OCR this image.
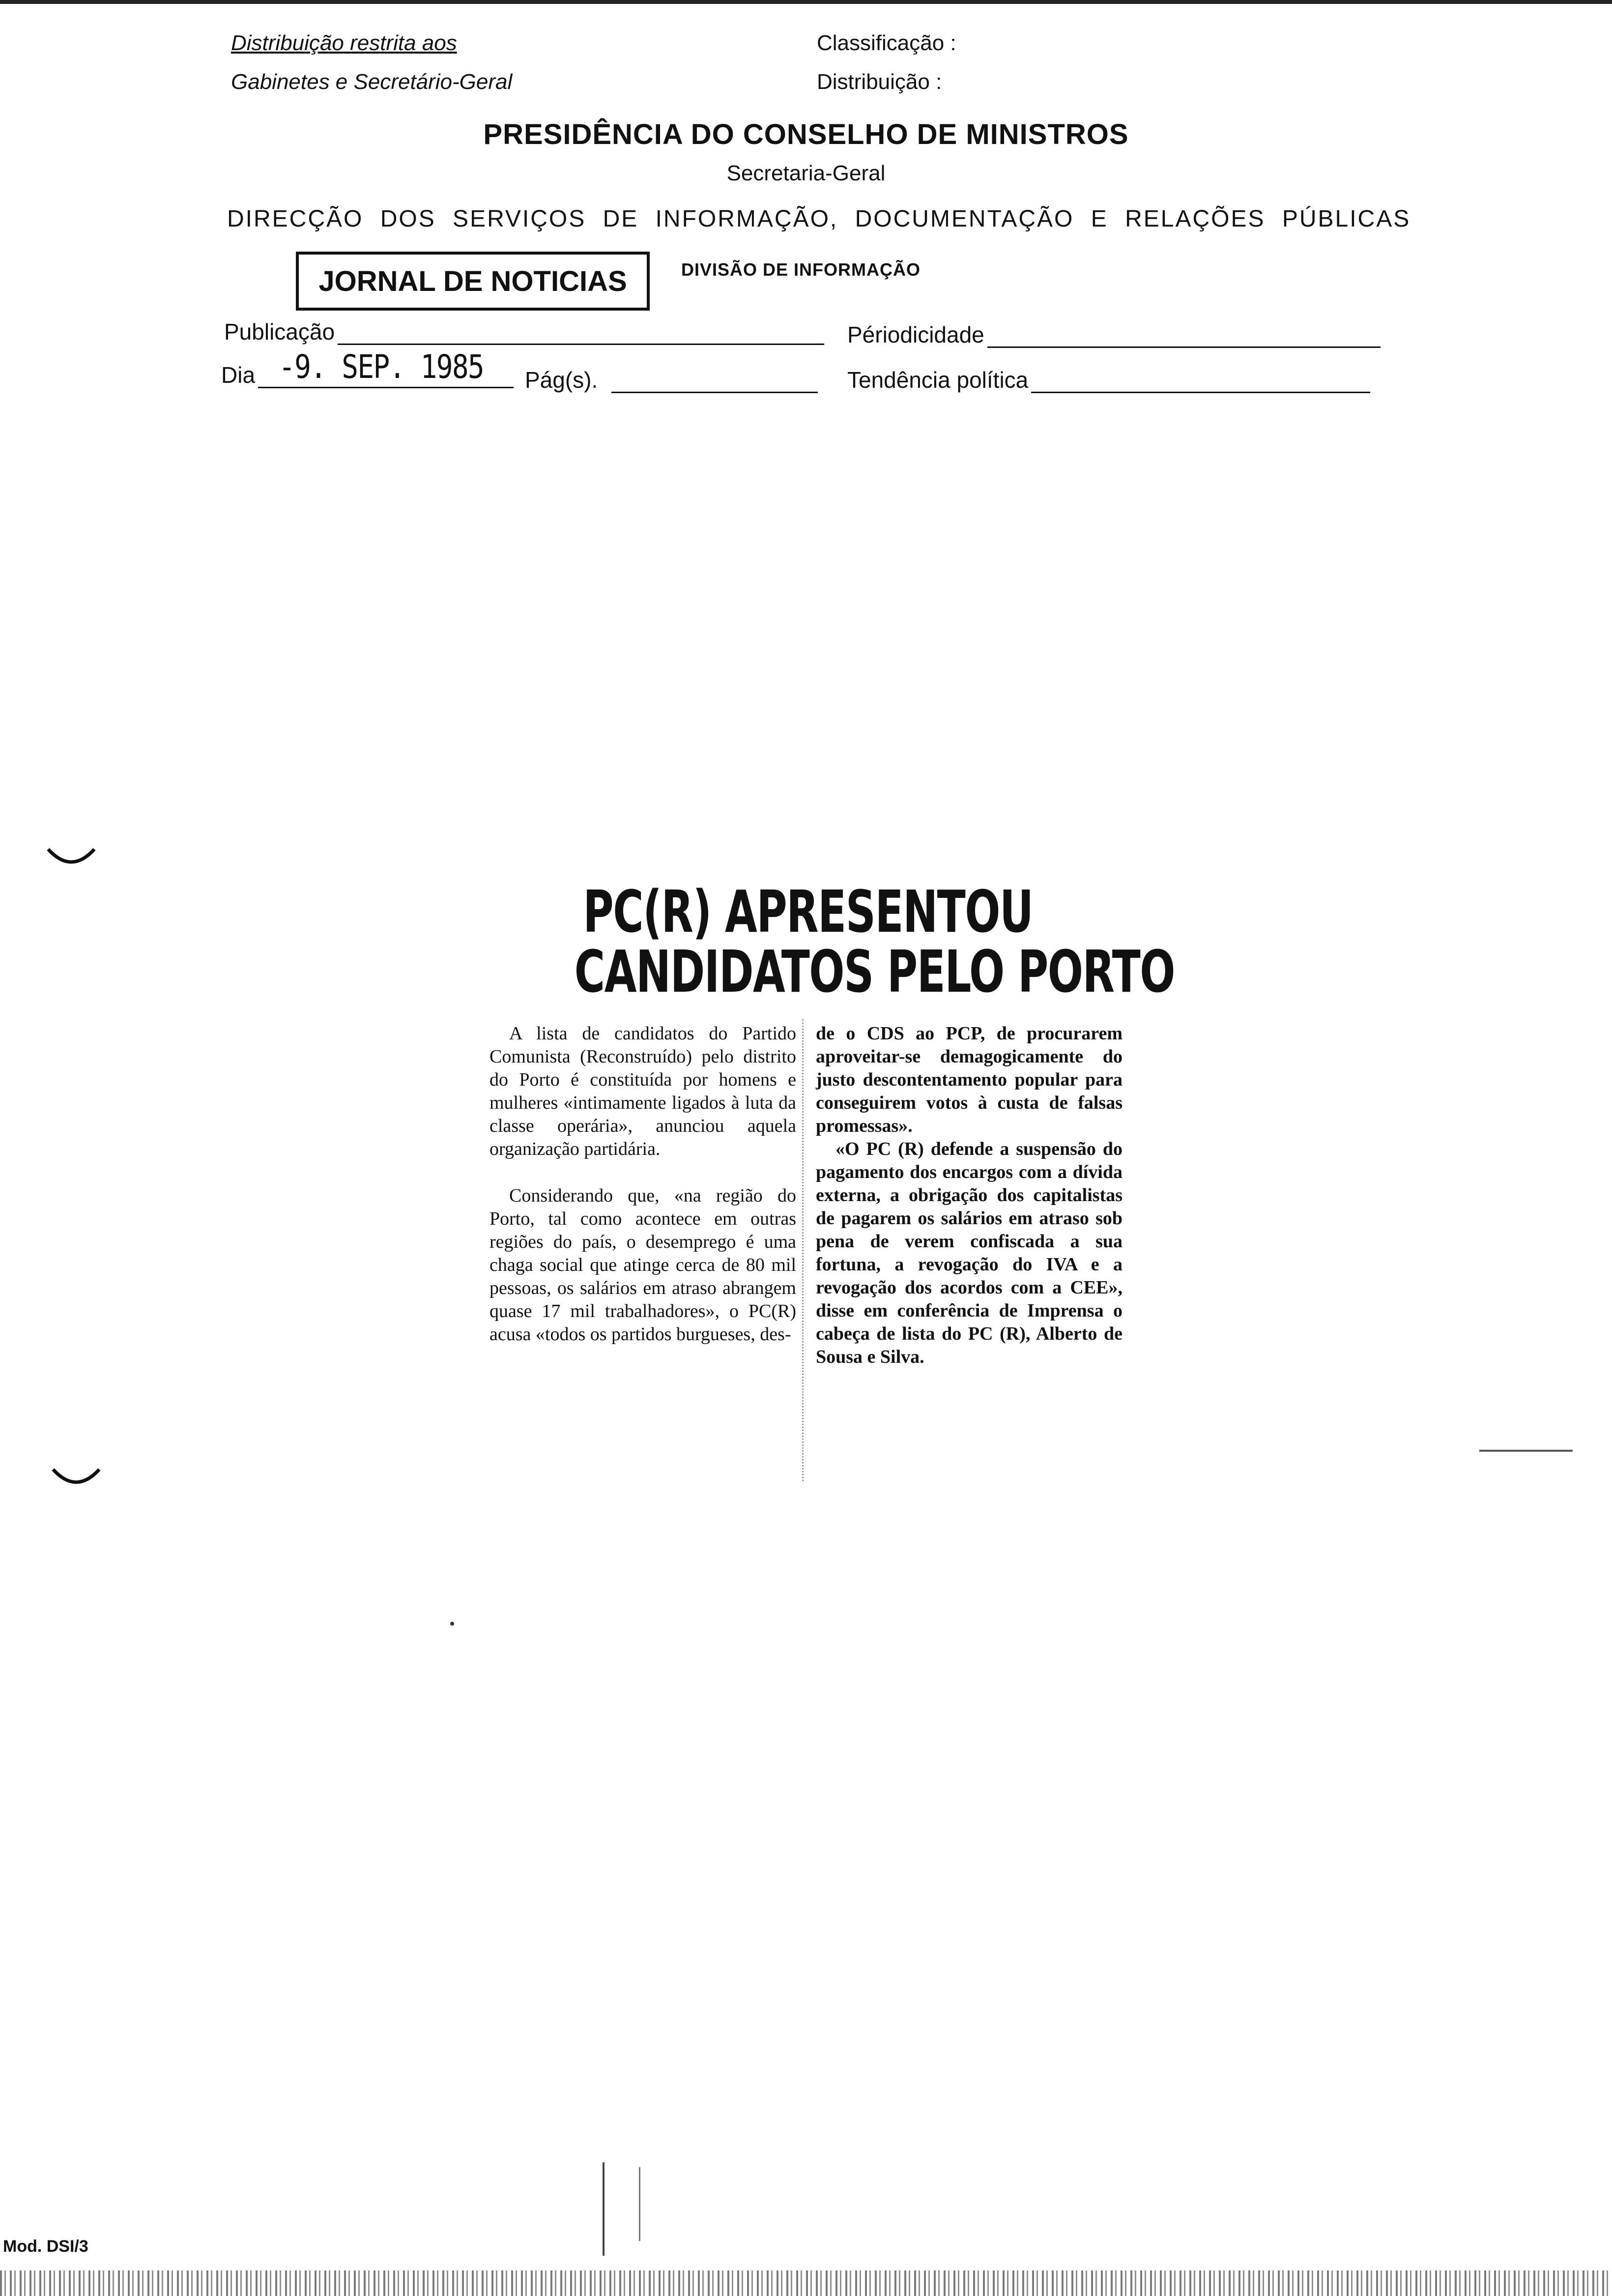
Distribuição restrita aos
Gabinetes e Secretário-Geral
Classificação :
Distribuição :
PRESIDÊNCIA DO CONSELHO DE MINISTROS
Secretaria-Geral
DIRECÇÃO DOS SERVIÇOS DE INFORMAÇÃO, DOCUMENTAÇÃO E RELAÇÕES PÚBLICAS
JORNAL DE NOTICIAS	DIVISÃO DE INFORMAÇÃO
Publicação	Périodicidade
Dia -9. SEP. 1985 Pág(s).	Tendência política
PC(R) APRESENTOU
CANDIDATOS PELO PORTO

A lista de candidatos do Partido Comunista (Reconstruído) pelo distrito do Porto é constituída por homens e mulheres «intimamente ligados à luta da classe operária», anunciou aquela organização partidária.

Considerando que, «na região do Porto, tal como acontece em outras regiões do país, o desemprego é uma chaga social que atinge cerca de 80 mil pessoas, os salários em atraso abrangem quase 17 mil trabalhadores», o PC(R) acusa «todos os partidos burgueses, des-

de o CDS ao PCP, de procurarem aproveitar-se demagogicamente do justo descontentamento popular para conseguirem votos à custa de falsas promessas».

«O PC (R) defende a suspensão do pagamento dos encargos com a dívida externa, a obrigação dos capitalistas de pagarem os salários em atraso sob pena de verem confiscada a sua fortuna, a revogação do IVA e a revogação dos acordos com a CEE», disse em conferência de Imprensa o cabeça de lista do PC (R), Alberto de Sousa e Silva.

Mod. DSI/3
